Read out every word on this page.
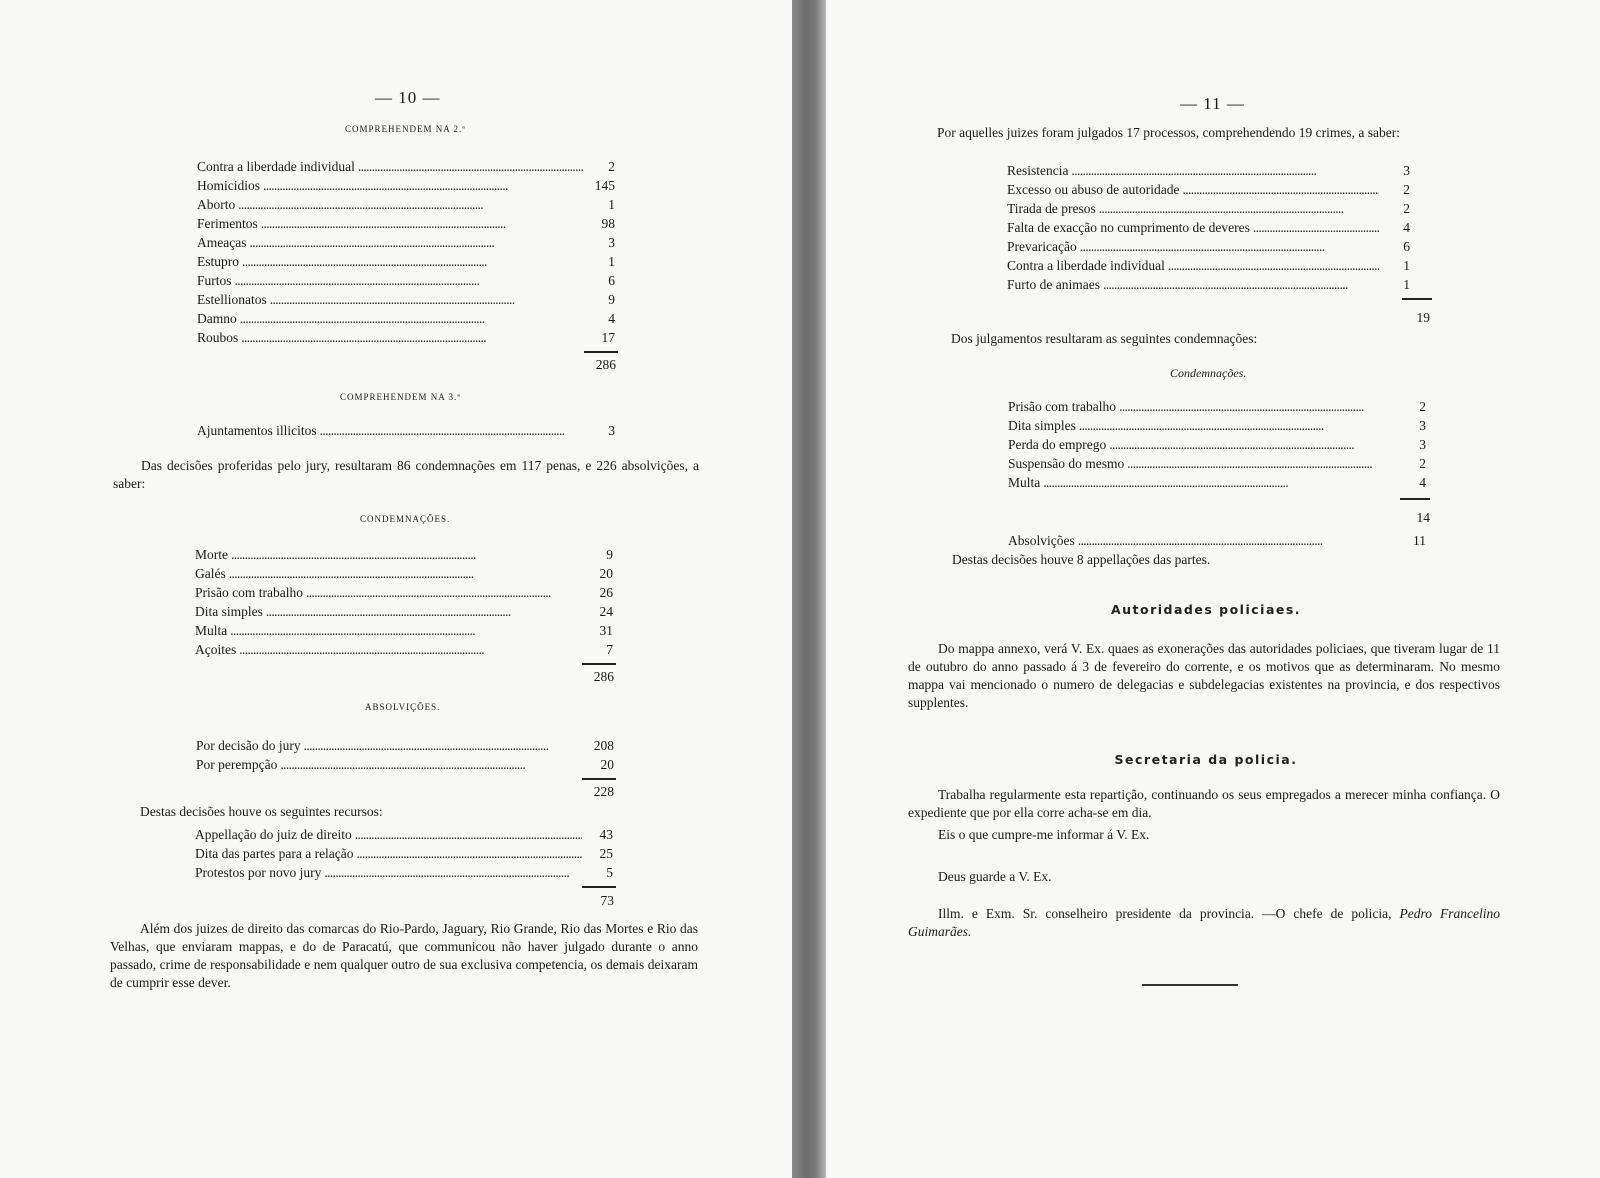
— 10 —
COMPREHENDEM NA 2.ª
Contra a liberdade individual . . .	2
Homicidios . . .	145
Aborto . . .	1
Ferimentos . . .	98
Ameaças . . .	3
Estupro . . .	1
Furtos . . .	6
Estellionatos . . .	9
Damno . . .	4
Roubos . . .	17
286
COMPREHENDEM NA 3.ª
Ajuntamentos illicitos . . .	3
Das decisões proferidas pelo jury, resultaram 86 condemnações em 117 penas, e 226 absolvições, a saber:
CONDEMNAÇÕES.
Morte . . .	9
Galés . . .	20
Prisão com trabalho . . .	26
Dita simples . . .	24
Multa . . .	31
Açoites . . .	7
286
ABSOLVIÇÕES.
Por decisão do jury . . .	208
Por perempção . . .	20
228
Destas decisões houve os seguintes recursos:
Appellação do juiz de direito . . .	43
Dita das partes para a relação . . .	25
Protestos por novo jury . . .	5
73
Além dos juizes de direito das comarcas do Rio-Pardo, Jaguary, Rio Grande, Rio das Mortes e Rio das Velhas, que enviaram mappas, e do de Paracatú, que communicou não haver julgado durante o anno passado, crime de responsabilidade e nem qualquer outro de sua exclusiva competencia, os demais deixaram de cumprir esse dever.
— 11 —
Por aquelles juizes foram julgados 17 processos, comprehendendo 19 crimes, a saber:
Resistencia . . .	3
Excesso ou abuso de autoridade . . .	2
Tirada de presos . . .	2
Falta de exacção no cumprimento de deveres . . .	4
Prevaricação . . .	6
Contra a liberdade individual . . .	1
Furto de animaes . . .	1
19
Dos julgamentos resultaram as seguintes condemnações:
Condemnações.
Prisão com trabalho . . .	2
Dita simples . . .	3
Perda do emprego . . .	3
Suspensão do mesmo . . .	2
Multa . . .	4
14
Absolvições . . .	11
Destas decisões houve 8 appellações das partes.
Autoridades policiaes.
Do mappa annexo, verá V. Ex. quaes as exonerações das autoridades policiaes, que tiveram lugar de 11 de outubro do anno passado á 3 de fevereiro do corrente, e os motivos que as determinaram. No mesmo mappa vai mencionado o numero de delegacias e subdelegacias existentes na provincia, e dos respectivos supplentes.
Secretaria da policia.
Trabalha regularmente esta repartição, continuando os seus empregados a merecer minha confiança. O expediente que por ella corre acha-se em dia.
Eis o que cumpre-me informar á V. Ex.
Deus guarde a V. Ex.
Illm. e Exm. Sr. conselheiro presidente da provincia. —O chefe de policia, Pedro Francelino Guimarães.
